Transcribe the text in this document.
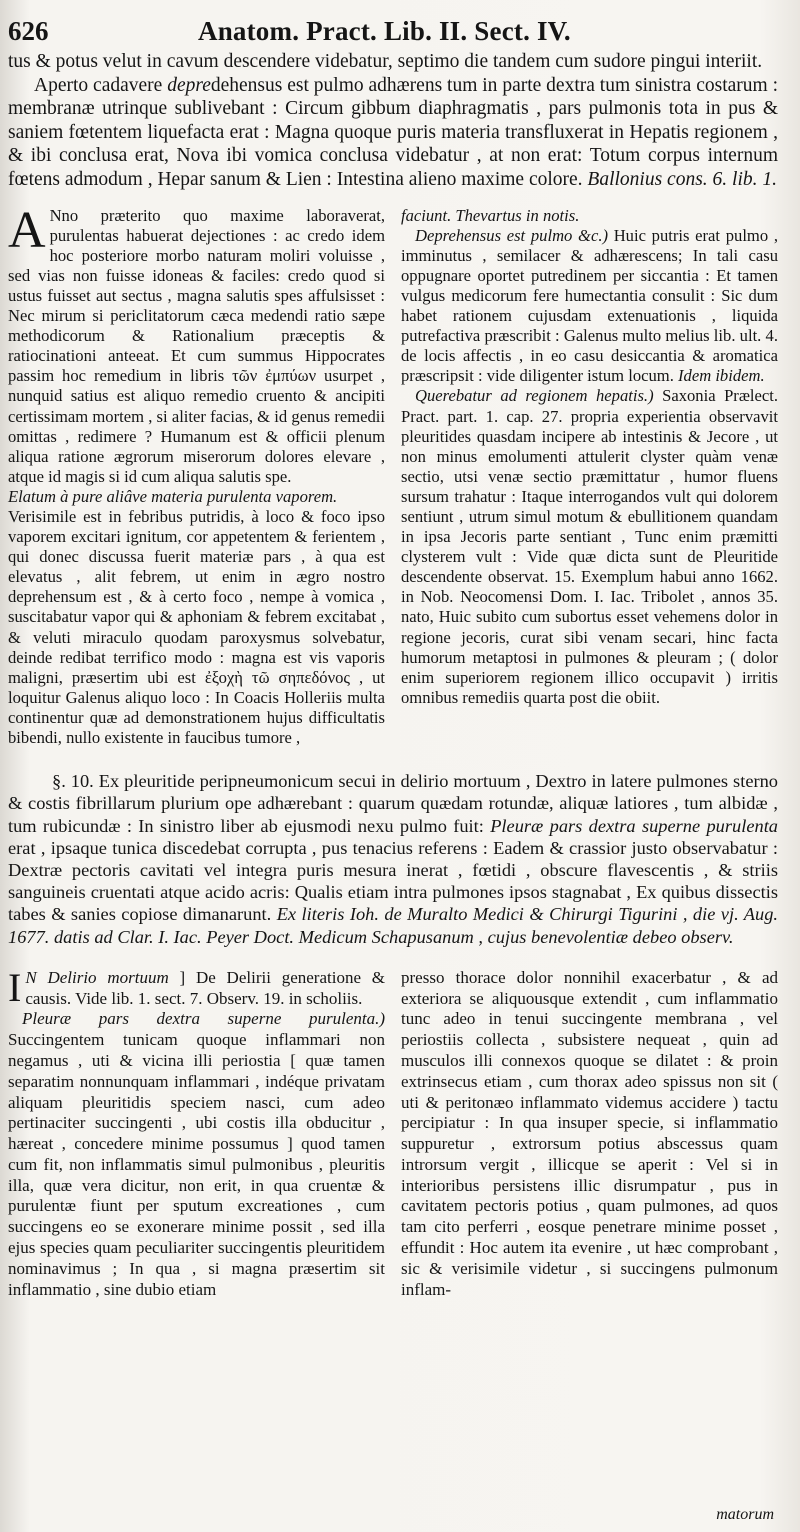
626	Anatom. Pract. Lib. II. Sect. IV.

tus & potus velut in cavum descendere videbatur, septimo die tandem cum sudore pingui interiit.

Aperto cadavere depredehensus est pulmo adhærens tum in parte dextra tum sinistra costarum : membranæ utrinque sublivebant : Circum gibbum diaphragmatis , pars pulmonis tota in pus & saniem fœtentem liquefacta erat : Magna quoque puris materia transfluxerat in Hepatis regionem , & ibi conclusa erat, Nova ibi vomica conclusa videbatur , at non erat: Totum corpus internum fœtens admodum , Hepar sanum & Lien : Intestina alieno maxime colore. Ballonius cons. 6. lib. 1.

A Nno præterito quo maxime laboraverat, purulentas habuerat dejectiones : ac credo idem hoc posteriore morbo naturam moliri voluisse , sed vias non fuisse idoneas & faciles: credo quod si ustus fuisset aut sectus , magna salutis spes affulsisset : Nec mirum si periclitatorum cæca medendi ratio sæpe methodicorum & Rationalium præceptis & ratiocinationi anteeat. Et cum summus Hippocrates passim hoc remedium in libris τῶν ἐμπύων usurpet , nunquid satius est aliquo remedio cruento & ancipiti certissimam mortem , si aliter facias, & id genus remedii omittas , redimere ? Humanum est & officii plenum aliqua ratione ægrorum miserorum dolores elevare , atque id magis si id cum aliqua salutis spe.

Elatum à pure aliâve materia purulenta vaporem.

Verisimile est in febribus putridis, à loco & foco ipso vaporem excitari ignitum, cor appetentem & ferientem , qui donec discussa fuerit materiæ pars , à qua est elevatus , alit febrem, ut enim in ægro nostro deprehensum est , & à certo foco , nempe à vomica , suscitabatur vapor qui & aphoniam & febrem excitabat , & veluti miraculo quodam paroxysmus solvebatur, deinde redibat terrifico modo : magna est vis vaporis maligni, præsertim ubi est ἐξοχὴ τῶ σηπεδόνος , ut loquitur Galenus aliquo loco : In Coacis Holleriis multa continentur quæ ad demonstrationem hujus difficultatis bibendi, nullo existente in faucibus tumore ,

faciunt. Thevartus in notis.

Deprehensus est pulmo &c.) Huic putris erat pulmo , imminutus , semilacer & adhærescens; In tali casu oppugnare oportet putredinem per siccantia : Et tamen vulgus medicorum fere humectantia consulit : Sic dum habet rationem cujusdam extenuationis , liquida putrefactiva præscribit : Galenus multo melius lib. ult. 4. de locis affectis , in eo casu desiccantia & aromatica præscripsit : vide diligenter istum locum. Idem ibidem.

Querebatur ad regionem hepatis.) Saxonia Prælect. Pract. part. 1. cap. 27. propria experientia observavit pleuritides quasdam incipere ab intestinis & Jecore , ut non minus emolumenti attulerit clyster quàm venæ sectio, utsi venæ sectio præmittatur , humor fluens sursum trahatur : Itaque interrogandos vult qui dolorem sentiunt , utrum simul motum & ebullitionem quandam in ipsa Jecoris parte sentiant , Tunc enim præmitti clysterem vult : Vide quæ dicta sunt de Pleuritide descendente observat. 15. Exemplum habui anno 1662. in Nob. Neocomensi Dom. I. Iac. Tribolet , annos 35. nato, Huic subito cum subortus esset vehemens dolor in regione jecoris, curat sibi venam secari, hinc facta humorum metaptosi in pulmones & pleuram ; ( dolor enim superiorem regionem illico occupavit ) irritis omnibus remediis quarta post die obiit.

§. 10. Ex pleuritide peripneumonicum secui in delirio mortuum , Dextro in latere pulmones sterno & costis fibrillarum plurium ope adhærebant : quarum quædam rotundæ, aliquæ latiores , tum albidæ , tum rubicundæ : In sinistro liber ab ejusmodi nexu pulmo fuit: Pleuræ pars dextra superne purulenta erat , ipsaque tunica discedebat corrupta , pus tenacius referens : Eadem & crassior justo observabatur : Dextræ pectoris cavitati vel integra puris mesura inerat , fœtidi , obscure flavescentis , & striis sanguineis cruentati atque acido acris: Qualis etiam intra pulmones ipsos stagnabat , Ex quibus dissectis tabes & sanies copiose dimanarunt. Ex literis Ioh. de Muralto Medici & Chirurgi Tigurini , die vj. Aug. 1677. datis ad Clar. I. Iac. Peyer Doct. Medicum Schapusanum , cujus benevolentiæ debeo observ.

I N Delirio mortuum ] De Delirii generatione & causis. Vide lib. 1. sect. 7. Observ. 19. in scholiis.

Pleuræ pars dextra superne purulenta.) Succingentem tunicam quoque inflammari non negamus , uti & vicina illi periostia [ quæ tamen separatim nonnunquam inflammari , indéque privatam aliquam pleuritidis speciem nasci, cum adeo pertinaciter succingenti , ubi costis illa obducitur , hæreat , concedere minime possumus ] quod tamen cum fit, non inflammatis simul pulmonibus , pleuritis illa, quæ vera dicitur, non erit, in qua cruentæ & purulentæ fiunt per sputum excreationes , cum succingens eo se exonerare minime possit , sed illa ejus species quam peculiariter succingentis pleuritidem nominavimus ; In qua , si magna præsertim sit inflammatio , sine dubio etiam

presso thorace dolor nonnihil exacerbatur , & ad exteriora se aliquousque extendit , cum inflammatio tunc adeo in tenui succingente membrana , vel periostiis collecta , subsistere nequeat , quin ad musculos illi connexos quoque se dilatet : & proin extrinsecus etiam , cum thorax adeo spissus non sit ( uti & peritonæo inflammato videmus accidere ) tactu percipiatur : In qua insuper specie, si inflammatio suppuretur , extrorsum potius abscessus quam introrsum vergit , illicque se aperit : Vel si in interioribus persistens illic disrumpatur , pus in cavitatem pectoris potius , quam pulmones, ad quos tam cito perferri , eosque penetrare minime posset , effundit : Hoc autem ita evenire , ut hæc comprobant , sic & verisimile videtur , si succingens pulmonum inflam-

matorum
